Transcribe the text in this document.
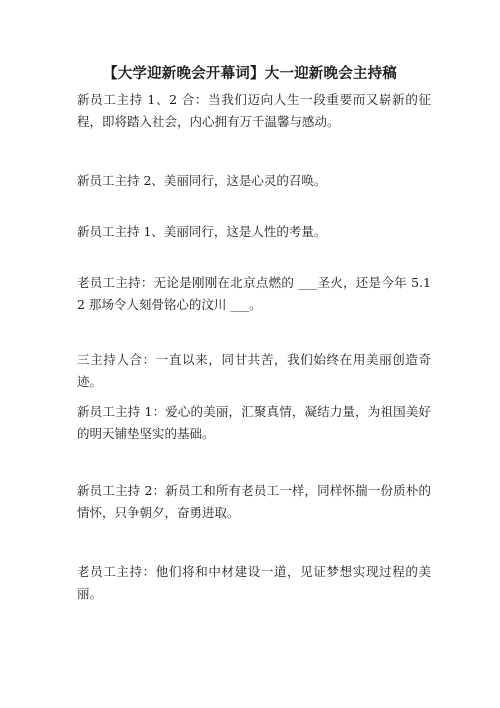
【大学迎新晚会开幕词】大一迎新晚会主持稿

新员工主持 1、2 合：当我们迈向人生一段重要而又崭新的征程，即将踏入社会，内心拥有万千温馨与感动。

新员工主持 2、美丽同行，这是心灵的召唤。

新员工主持 1、美丽同行，这是人性的考量。

老员工主持：无论是刚刚在北京点燃的 ___圣火，还是今年 5.12 那场令人刻骨铭心的汶川 ___。

三主持人合：一直以来，同甘共苦，我们始终在用美丽创造奇迹。

新员工主持 1：爱心的美丽，汇聚真情，凝结力量，为祖国美好的明天铺垫坚实的基础。

新员工主持 2：新员工和所有老员工一样，同样怀揣一份质朴的情怀，只争朝夕，奋勇进取。

老员工主持：他们将和中材建设一道，见证梦想实现过程的美丽。
